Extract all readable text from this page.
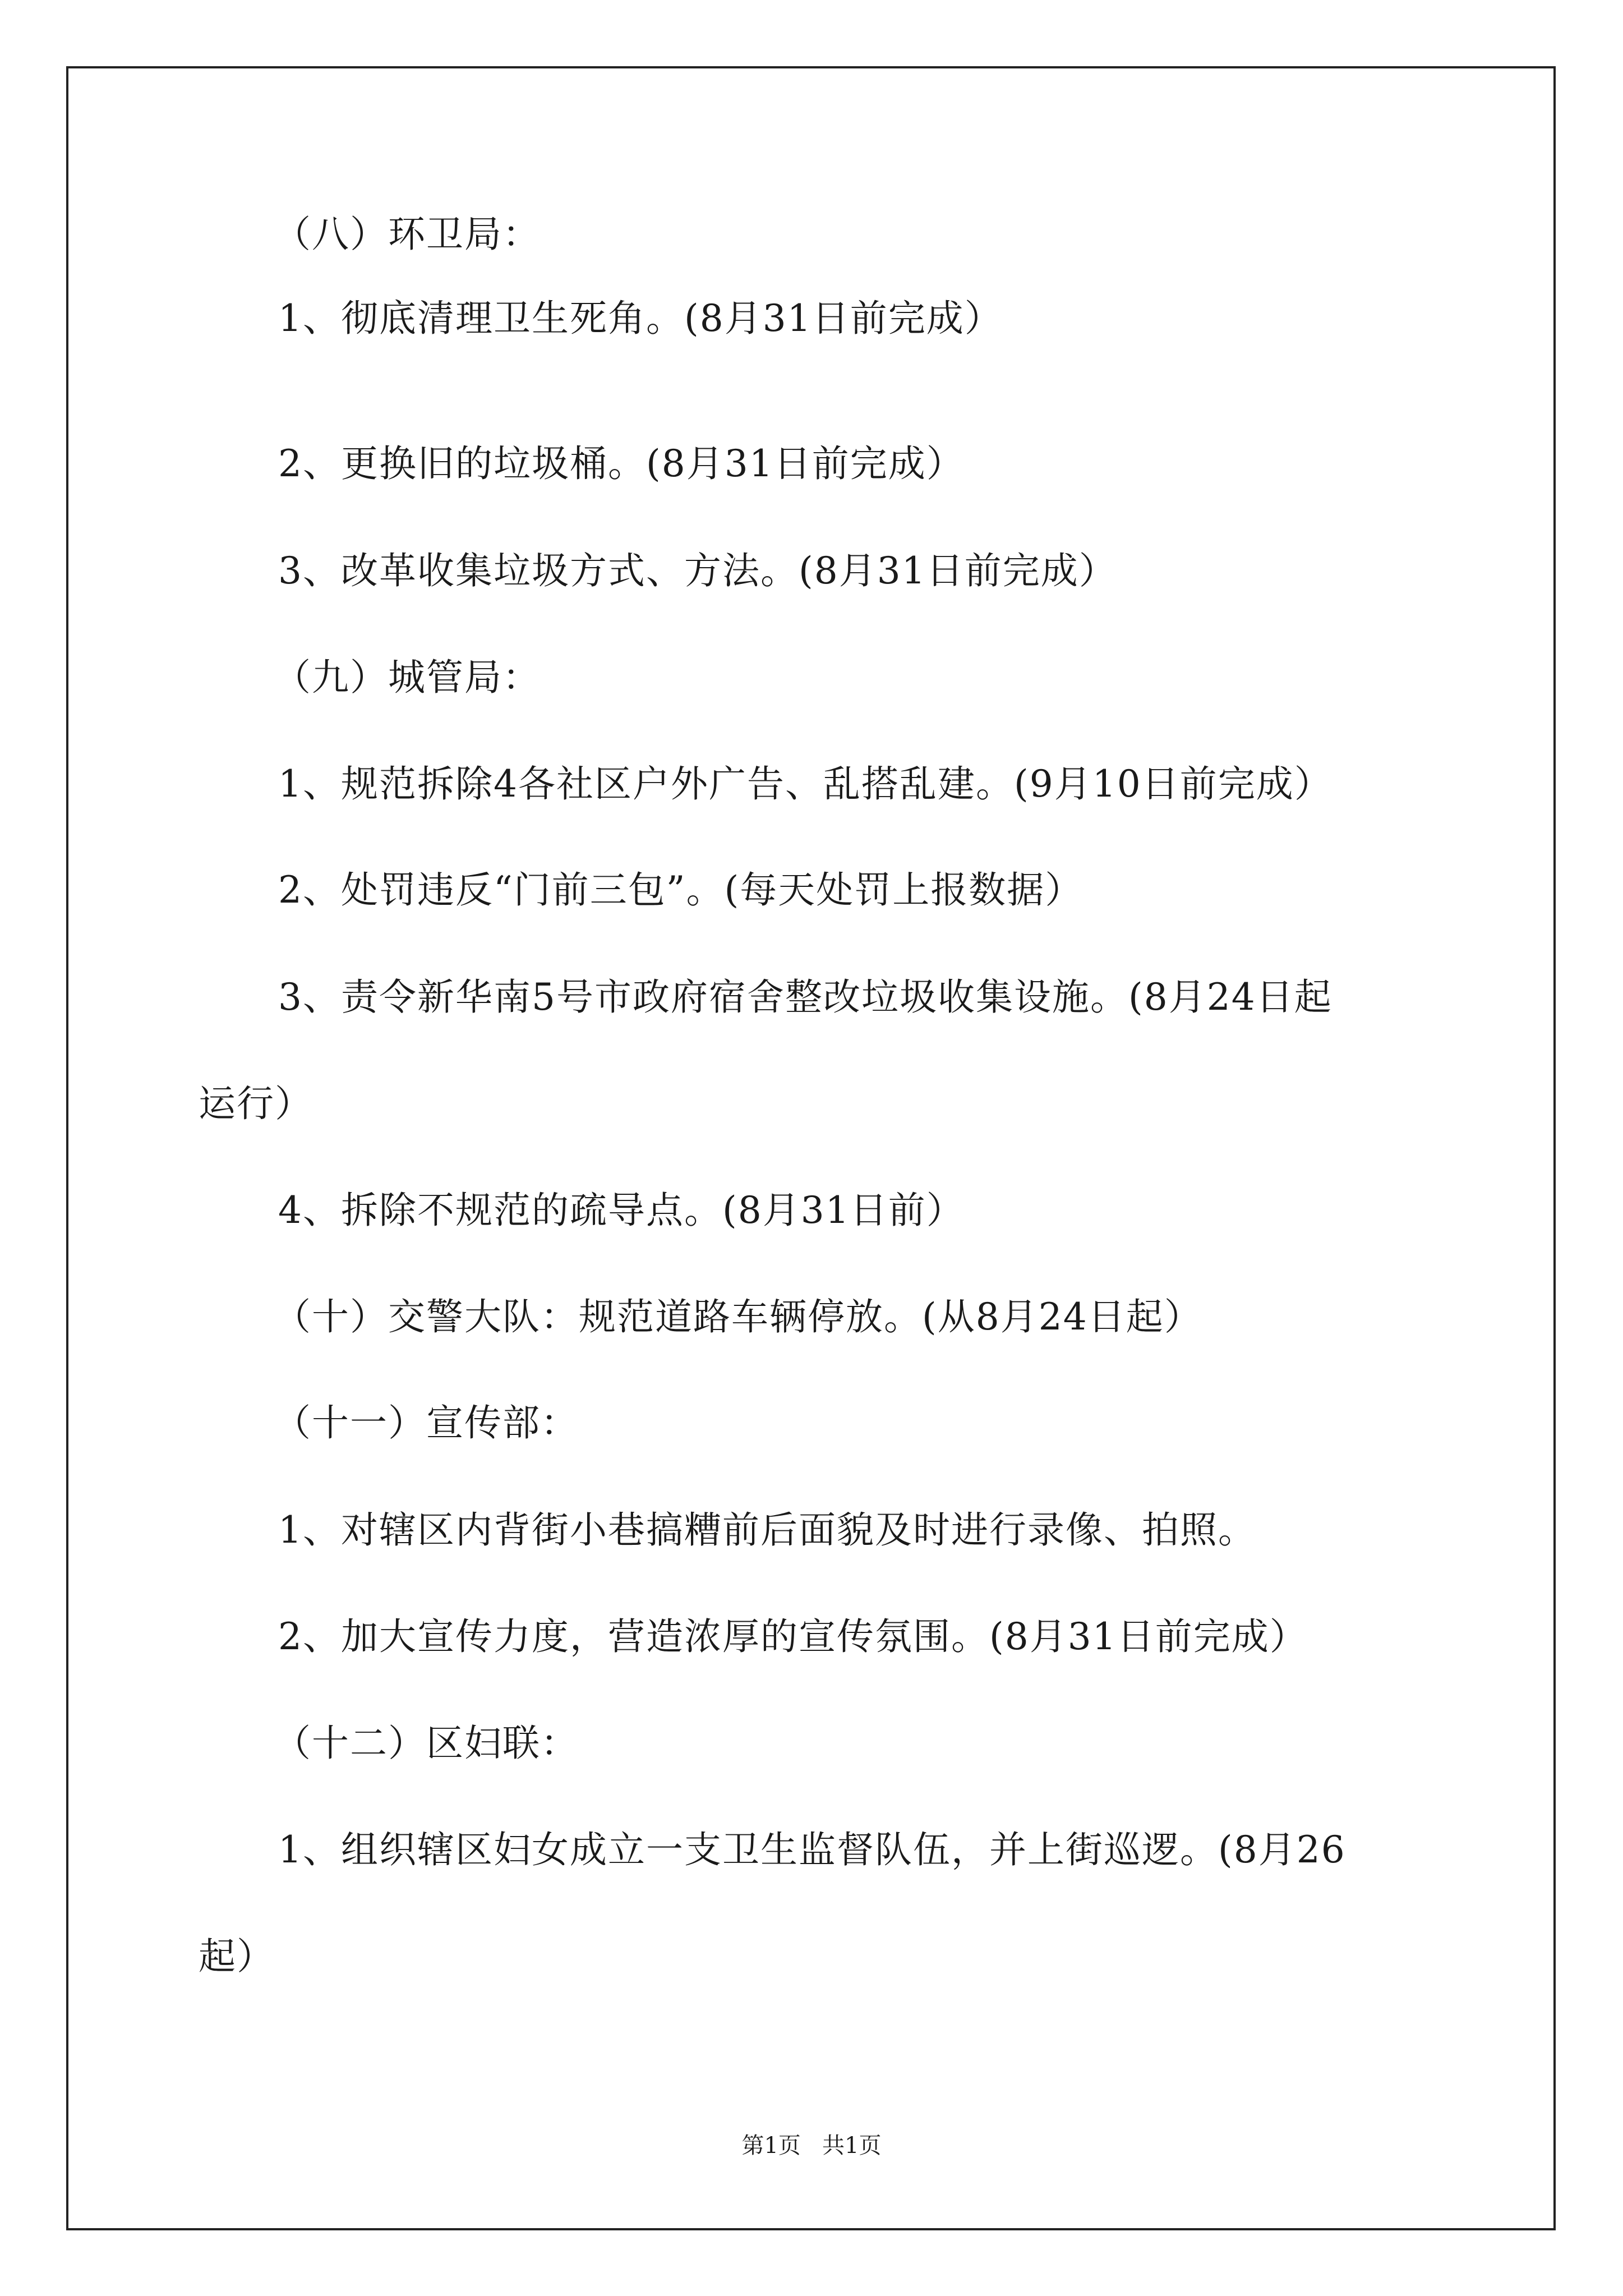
（八）环卫局：
1、彻底清理卫生死角。(8月31日前完成）
2、更换旧的垃圾桶。(8月31日前完成）
3、改革收集垃圾方式、方法。(8月31日前完成）
（九）城管局：
1、规范拆除4各社区户外广告、乱搭乱建。(9月10日前完成）
2、处罚违反“门前三包”。(每天处罚上报数据）
3、责令新华南5号市政府宿舍整改垃圾收集设施。(8月24日起
运行）
4、拆除不规范的疏导点。(8月31日前）
（十）交警大队：规范道路车辆停放。(从8月24日起）
（十一）宣传部：
1、对辖区内背街小巷搞糟前后面貌及时进行录像、拍照。
2、加大宣传力度，营造浓厚的宣传氛围。(8月31日前完成）
（十二）区妇联：
1、组织辖区妇女成立一支卫生监督队伍，并上街巡逻。(8月26
起）
第1页   共1页
